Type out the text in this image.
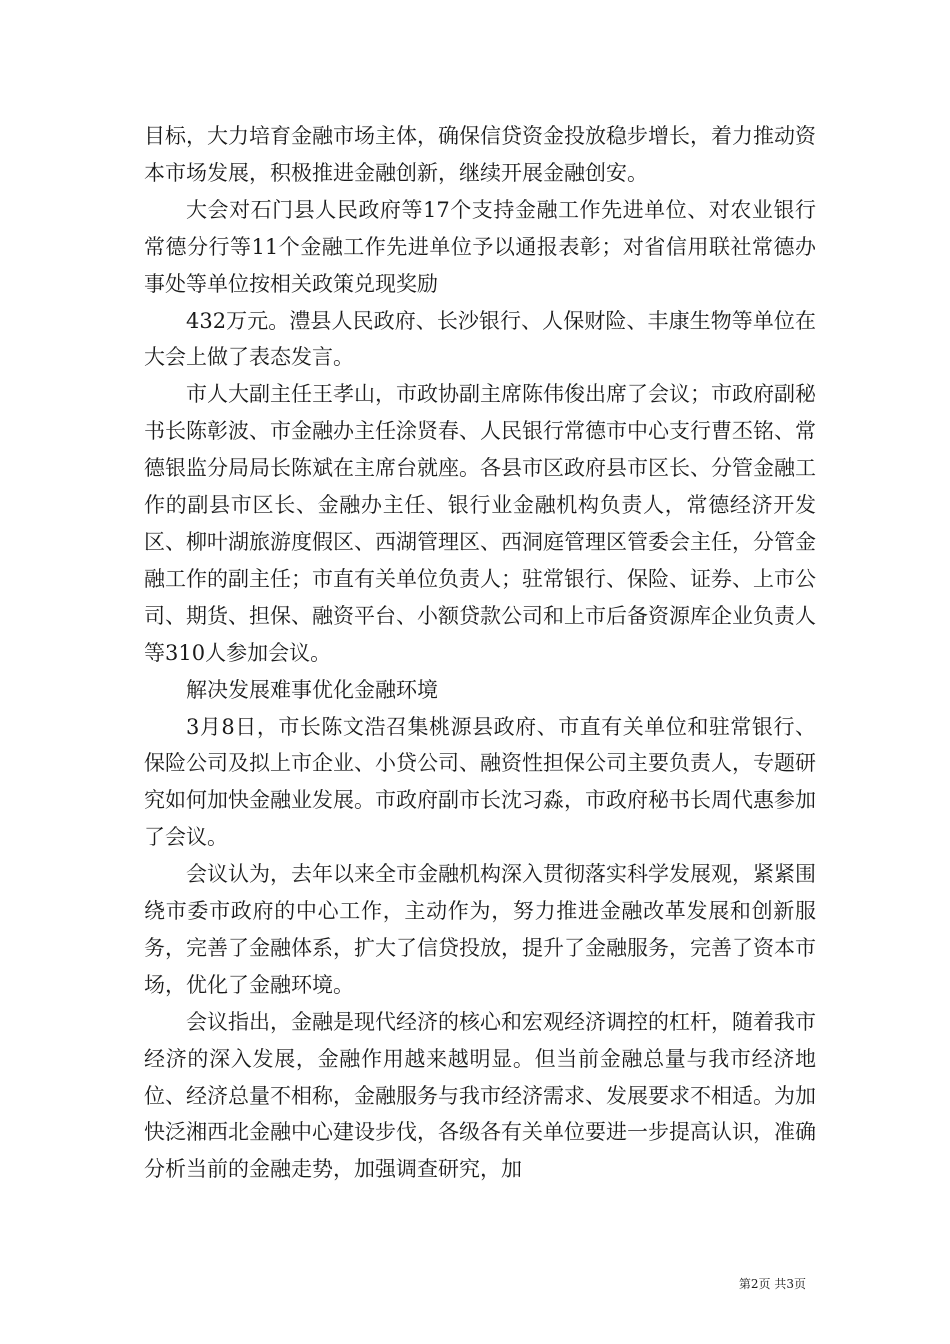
目标，大力培育金融市场主体，确保信贷资金投放稳步增长，着力推动资本市场发展，积极推进金融创新，继续开展金融创安。

大会对石门县人民政府等17个支持金融工作先进单位、对农业银行常德分行等11个金融工作先进单位予以通报表彰；对省信用联社常德办事处等单位按相关政策兑现奖励

432万元。澧县人民政府、长沙银行、人保财险、丰康生物等单位在大会上做了表态发言。

市人大副主任王孝山，市政协副主席陈伟俊出席了会议；市政府副秘书长陈彰波、市金融办主任涂贤春、人民银行常德市中心支行曹丕铭、常德银监分局局长陈斌在主席台就座。各县市区政府县市区长、分管金融工作的副县市区长、金融办主任、银行业金融机构负责人，常德经济开发区、柳叶湖旅游度假区、西湖管理区、西洞庭管理区管委会主任，分管金融工作的副主任；市直有关单位负责人；驻常银行、保险、证券、上市公司、期货、担保、融资平台、小额贷款公司和上市后备资源库企业负责人等310人参加会议。

解决发展难事优化金融环境

3月8日，市长陈文浩召集桃源县政府、市直有关单位和驻常银行、保险公司及拟上市企业、小贷公司、融资性担保公司主要负责人，专题研究如何加快金融业发展。市政府副市长沈习淼，市政府秘书长周代惠参加了会议。

会议认为，去年以来全市金融机构深入贯彻落实科学发展观，紧紧围绕市委市政府的中心工作，主动作为，努力推进金融改革发展和创新服务，完善了金融体系，扩大了信贷投放，提升了金融服务，完善了资本市场，优化了金融环境。

会议指出，金融是现代经济的核心和宏观经济调控的杠杆，随着我市经济的深入发展，金融作用越来越明显。但当前金融总量与我市经济地位、经济总量不相称，金融服务与我市经济需求、发展要求不相适。为加快泛湘西北金融中心建设步伐，各级各有关单位要进一步提高认识，准确分析当前的金融走势，加强调查研究，加

第2页 共3页
